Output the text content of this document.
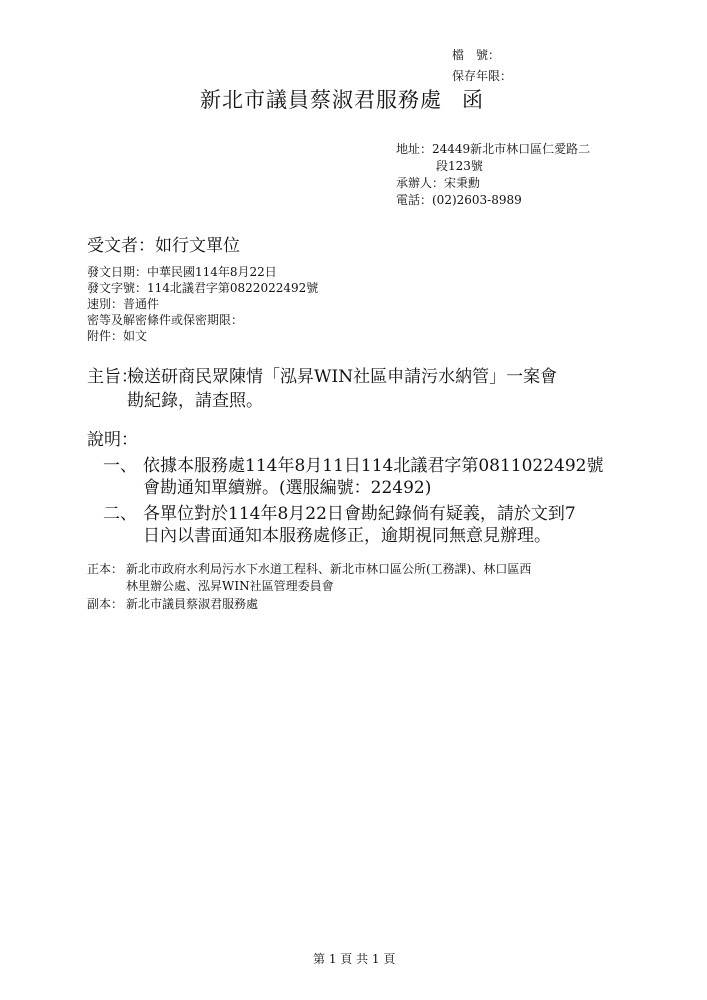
檔　號：
保存年限：
新北市議員蔡淑君服務處 函
地址：24449新北市林口區仁愛路二
段123號
承辦人：宋秉勳
電話：(02)2603-8989
受文者：如行文單位
發文日期：中華民國114年8月22日
發文字號：114北議君字第0822022492號
速別：普通件
密等及解密條件或保密期限：
附件：如文
主旨：
檢送研商民眾陳情「泓昇WIN社區申請污水納管」一案會
勘紀錄，請查照。
說明：
一、 依據本服務處114年8月11日114北議君字第0811022492號
會勘通知單續辦。(選服編號：22492)
二、 各單位對於114年8月22日會勘紀錄倘有疑義，請於文到7
日內以書面通知本服務處修正，逾期視同無意見辦理。
正本： 新北市政府水利局污水下水道工程科、新北市林口區公所(工務課)、林口區西
林里辦公處、泓昇WIN社區管理委員會
副本： 新北市議員蔡淑君服務處
第 1 頁 共 1 頁
